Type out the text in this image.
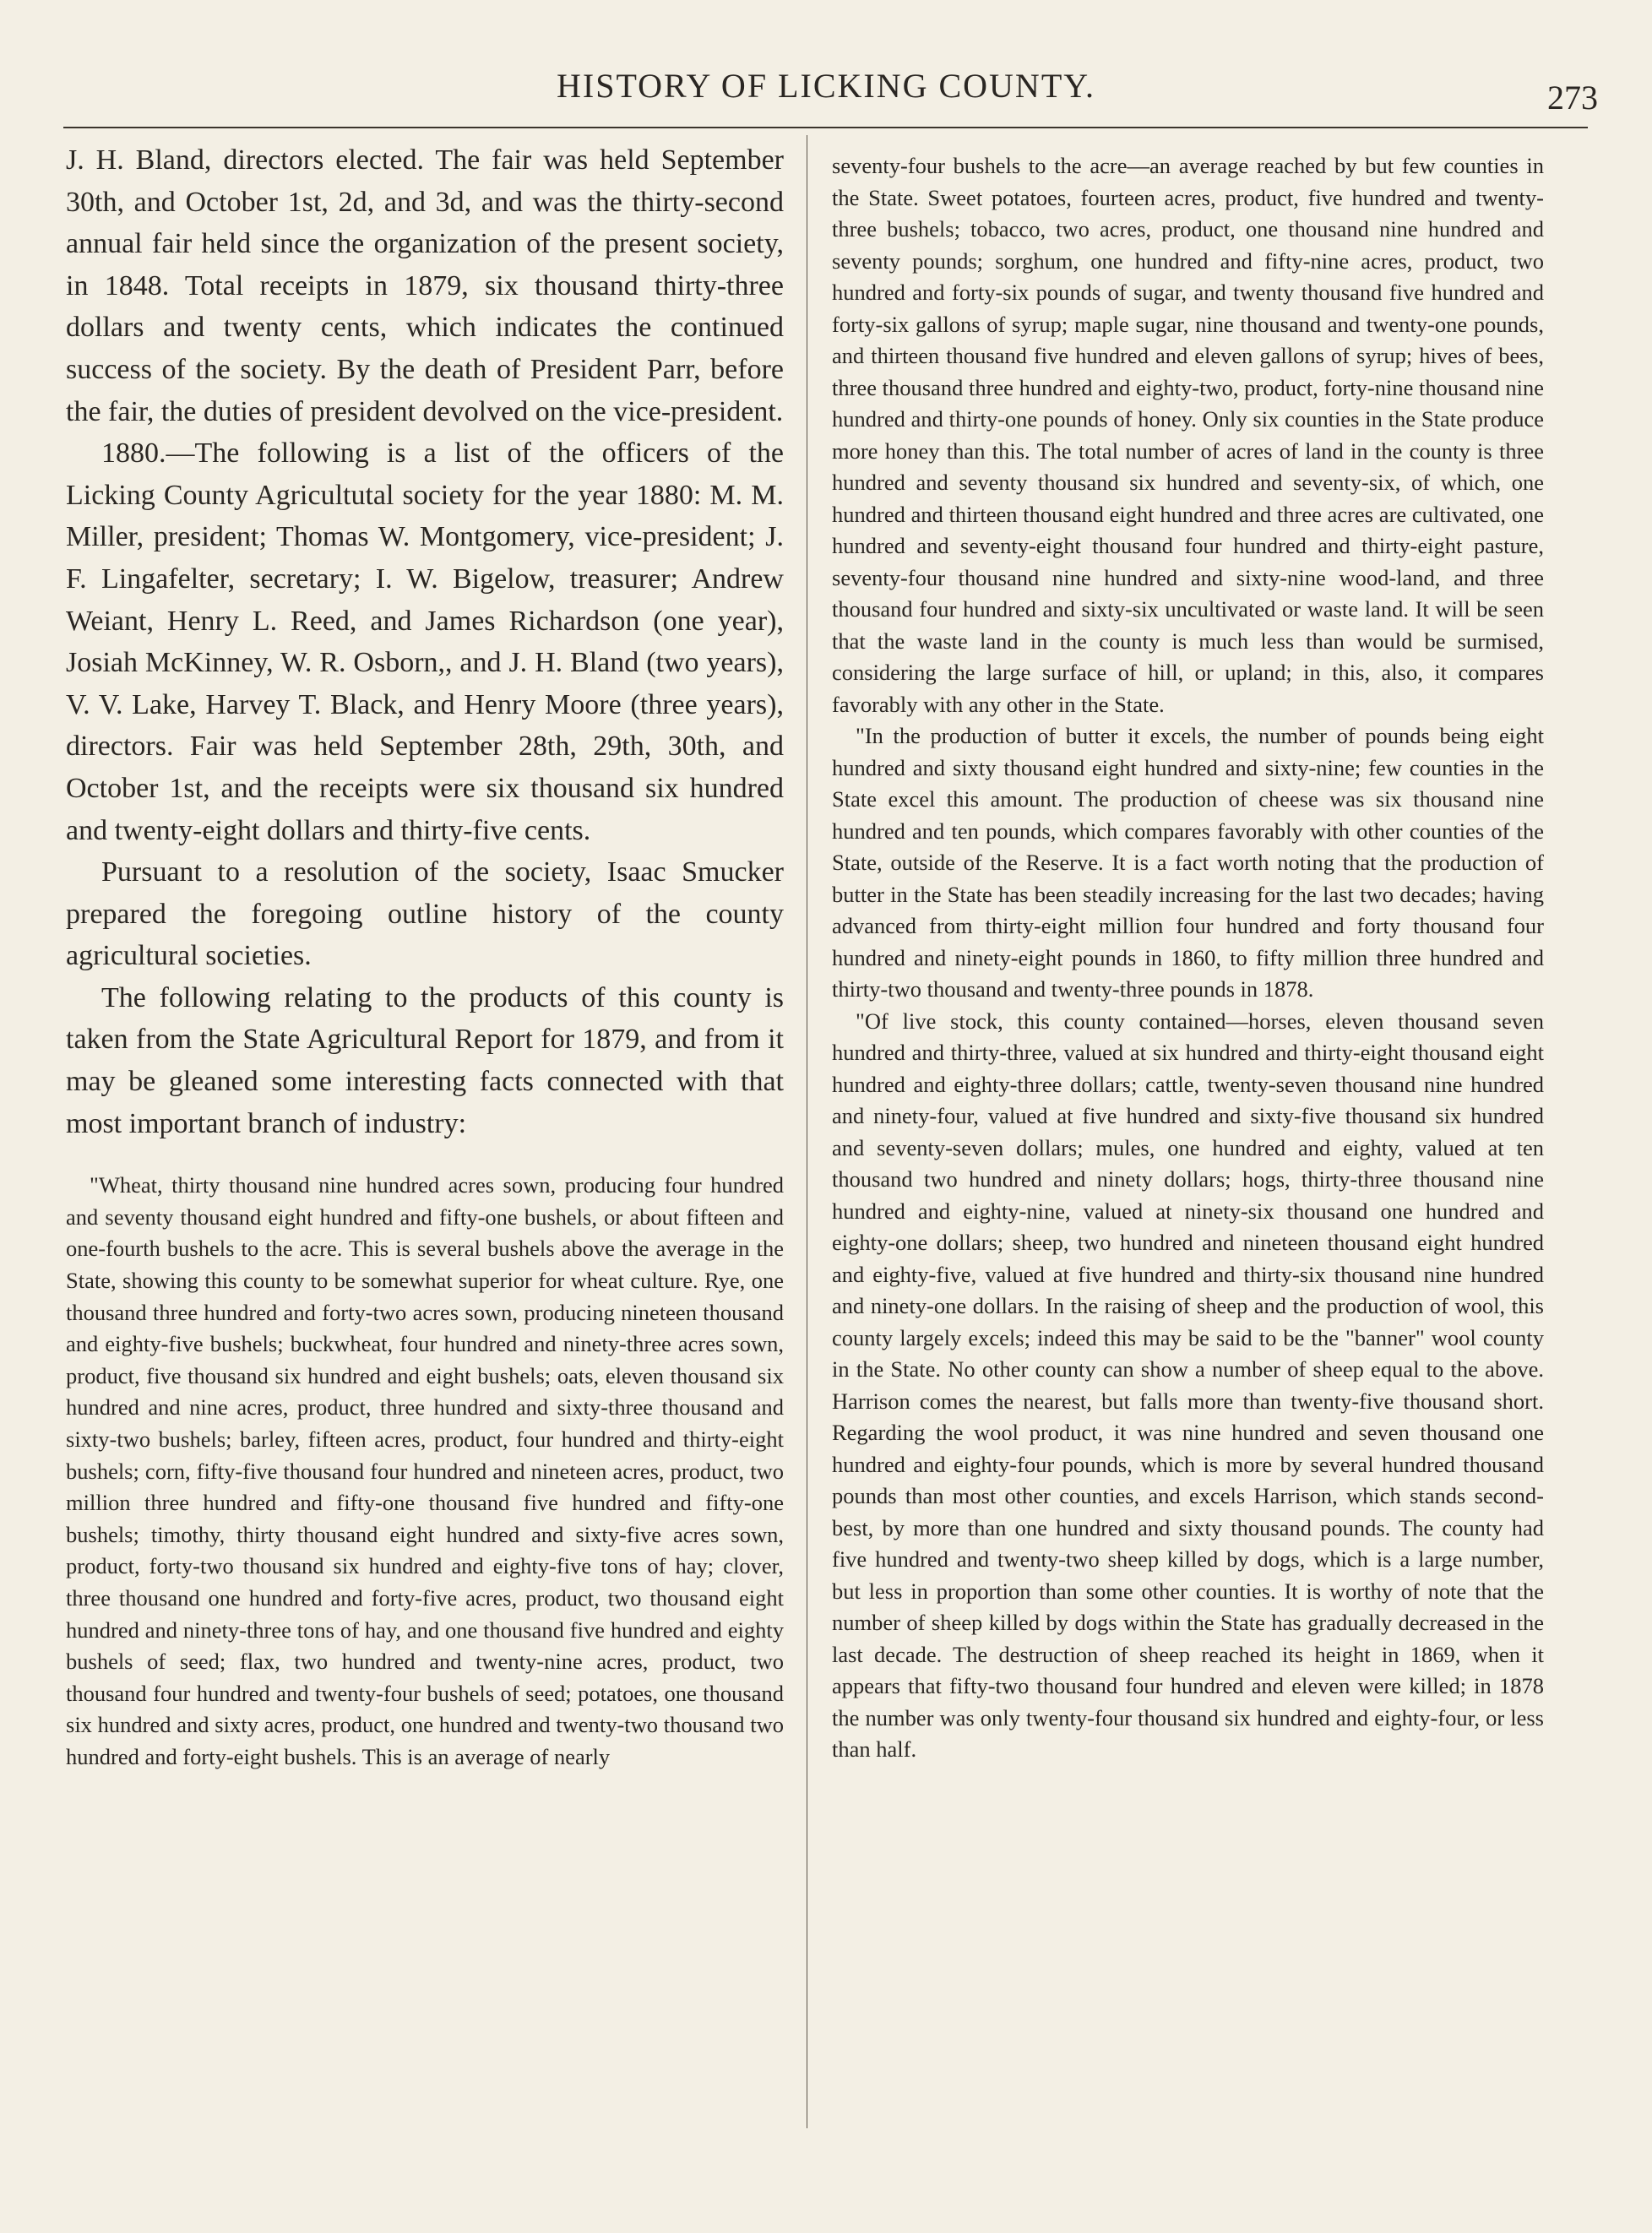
HISTORY OF LICKING COUNTY.	273

J. H. Bland, directors elected. The fair was held September 30th, and October 1st, 2d, and 3d, and was the thirty-second annual fair held since the organization of the present society, in 1848. Total receipts in 1879, six thousand thirty-three dollars and twenty cents, which indicates the continued success of the society. By the death of President Parr, before the fair, the duties of president devolved on the vice-president.

1880.—The following is a list of the officers of the Licking County Agricultutal society for the year 1880: M. M. Miller, president; Thomas W. Montgomery, vice-president; J. F. Lingafelter, secretary; I. W. Bigelow, treasurer; Andrew Weiant, Henry L. Reed, and James Richardson (one year), Josiah McKinney, W. R. Osborn,, and J. H. Bland (two years), V. V. Lake, Harvey T. Black, and Henry Moore (three years), directors. Fair was held September 28th, 29th, 30th, and October 1st, and the receipts were six thousand six hundred and twenty-eight dollars and thirty-five cents.

Pursuant to a resolution of the society, Isaac Smucker prepared the foregoing outline history of the county agricultural societies.

The following relating to the products of this county is taken from the State Agricultural Report for 1879, and from it may be gleaned some interesting facts connected with that most important branch of industry:

"Wheat, thirty thousand nine hundred acres sown, producing four hundred and seventy thousand eight hundred and fifty-one bushels, or about fifteen and one-fourth bushels to the acre. This is several bushels above the average in the State, showing this county to be somewhat superior for wheat culture. Rye, one thousand three hundred and forty-two acres sown, producing nineteen thousand and eighty-five bushels; buckwheat, four hundred and ninety-three acres sown, product, five thousand six hundred and eight bushels; oats, eleven thousand six hundred and nine acres, product, three hundred and sixty-three thousand and sixty-two bushels; barley, fifteen acres, product, four hundred and thirty-eight bushels; corn, fifty-five thousand four hundred and nineteen acres, product, two million three hundred and fifty-one thousand five hundred and fifty-one bushels; timothy, thirty thousand eight hundred and sixty-five acres sown, product, forty-two thousand six hundred and eighty-five tons of hay; clover, three thousand one hundred and forty-five acres, product, two thousand eight hundred and ninety-three tons of hay, and one thousand five hundred and eighty bushels of seed; flax, two hundred and twenty-nine acres, product, two thousand four hundred and twenty-four bushels of seed; potatoes, one thousand six hundred and sixty acres, product, one hundred and twenty-two thousand two hundred and forty-eight bushels. This is an average of nearly

seventy-four bushels to the acre—an average reached by but few counties in the State. Sweet potatoes, fourteen acres, product, five hundred and twenty-three bushels; tobacco, two acres, product, one thousand nine hundred and seventy pounds; sorghum, one hundred and fifty-nine acres, product, two hundred and forty-six pounds of sugar, and twenty thousand five hundred and forty-six gallons of syrup; maple sugar, nine thousand and twenty-one pounds, and thirteen thousand five hundred and eleven gallons of syrup; hives of bees, three thousand three hundred and eighty-two, product, forty-nine thousand nine hundred and thirty-one pounds of honey. Only six counties in the State produce more honey than this. The total number of acres of land in the county is three hundred and seventy thousand six hundred and seventy-six, of which, one hundred and thirteen thousand eight hundred and three acres are cultivated, one hundred and seventy-eight thousand four hundred and thirty-eight pasture, seventy-four thousand nine hundred and sixty-nine wood-land, and three thousand four hundred and sixty-six uncultivated or waste land. It will be seen that the waste land in the county is much less than would be surmised, considering the large surface of hill, or upland; in this, also, it compares favorably with any other in the State.

"In the production of butter it excels, the number of pounds being eight hundred and sixty thousand eight hundred and sixty-nine; few counties in the State excel this amount. The production of cheese was six thousand nine hundred and ten pounds, which compares favorably with other counties of the State, outside of the Reserve. It is a fact worth noting that the production of butter in the State has been steadily increasing for the last two decades; having advanced from thirty-eight million four hundred and forty thousand four hundred and ninety-eight pounds in 1860, to fifty million three hundred and thirty-two thousand and twenty-three pounds in 1878.

"Of live stock, this county contained—horses, eleven thousand seven hundred and thirty-three, valued at six hundred and thirty-eight thousand eight hundred and eighty-three dollars; cattle, twenty-seven thousand nine hundred and ninety-four, valued at five hundred and sixty-five thousand six hundred and seventy-seven dollars; mules, one hundred and eighty, valued at ten thousand two hundred and ninety dollars; hogs, thirty-three thousand nine hundred and eighty-nine, valued at ninety-six thousand one hundred and eighty-one dollars; sheep, two hundred and nineteen thousand eight hundred and eighty-five, valued at five hundred and thirty-six thousand nine hundred and ninety-one dollars. In the raising of sheep and the production of wool, this county largely excels; indeed this may be said to be the "banner" wool county in the State. No other county can show a number of sheep equal to the above. Harrison comes the nearest, but falls more than twenty-five thousand short. Regarding the wool product, it was nine hundred and seven thousand one hundred and eighty-four pounds, which is more by several hundred thousand pounds than most other counties, and excels Harrison, which stands second-best, by more than one hundred and sixty thousand pounds. The county had five hundred and twenty-two sheep killed by dogs, which is a large number, but less in proportion than some other counties. It is worthy of note that the number of sheep killed by dogs within the State has gradually decreased in the last decade. The destruction of sheep reached its height in 1869, when it appears that fifty-two thousand four hundred and eleven were killed; in 1878 the number was only twenty-four thousand six hundred and eighty-four, or less than half.
